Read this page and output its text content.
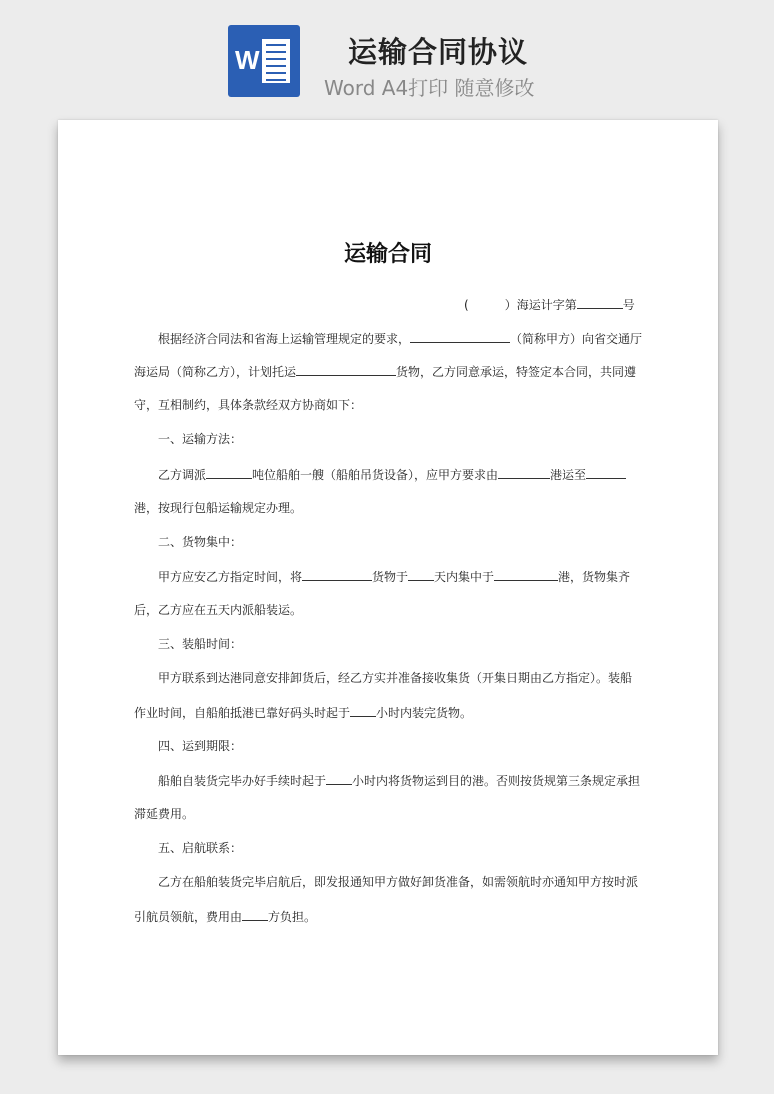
W	运输合同协议
Word A4打印 随意修改
运输合同
(	）海运计字第	号
根据经济合同法和省海上运输管理规定的要求，	（简称甲方）向省交通厅
海运局（简称乙方），计划托运	货物，乙方同意承运，特签定本合同，共同遵
守，互相制约，具体条款经双方协商如下：
一、运输方法：
乙方调派	吨位船舶一艘（船舶吊货设备），应甲方要求由	港运至
港，按现行包船运输规定办理。
二、货物集中：
甲方应安乙方指定时间，将	货物于 天内集中于	港，货物集齐
后，乙方应在五天内派船装运。
三、装船时间：
甲方联系到达港同意安排卸货后，经乙方实并准备接收集货（开集日期由乙方指定）。装船
作业时间，自船舶抵港已靠好码头时起于 小时内装完货物。
四、运到期限：
船舶自装货完毕办好手续时起于 小时内将货物运到目的港。否则按货规第三条规定承担
滞延费用。
五、启航联系：
乙方在船舶装货完毕启航后，即发报通知甲方做好卸货准备，如需领航时亦通知甲方按时派
引航员领航，费用由 方负担。
